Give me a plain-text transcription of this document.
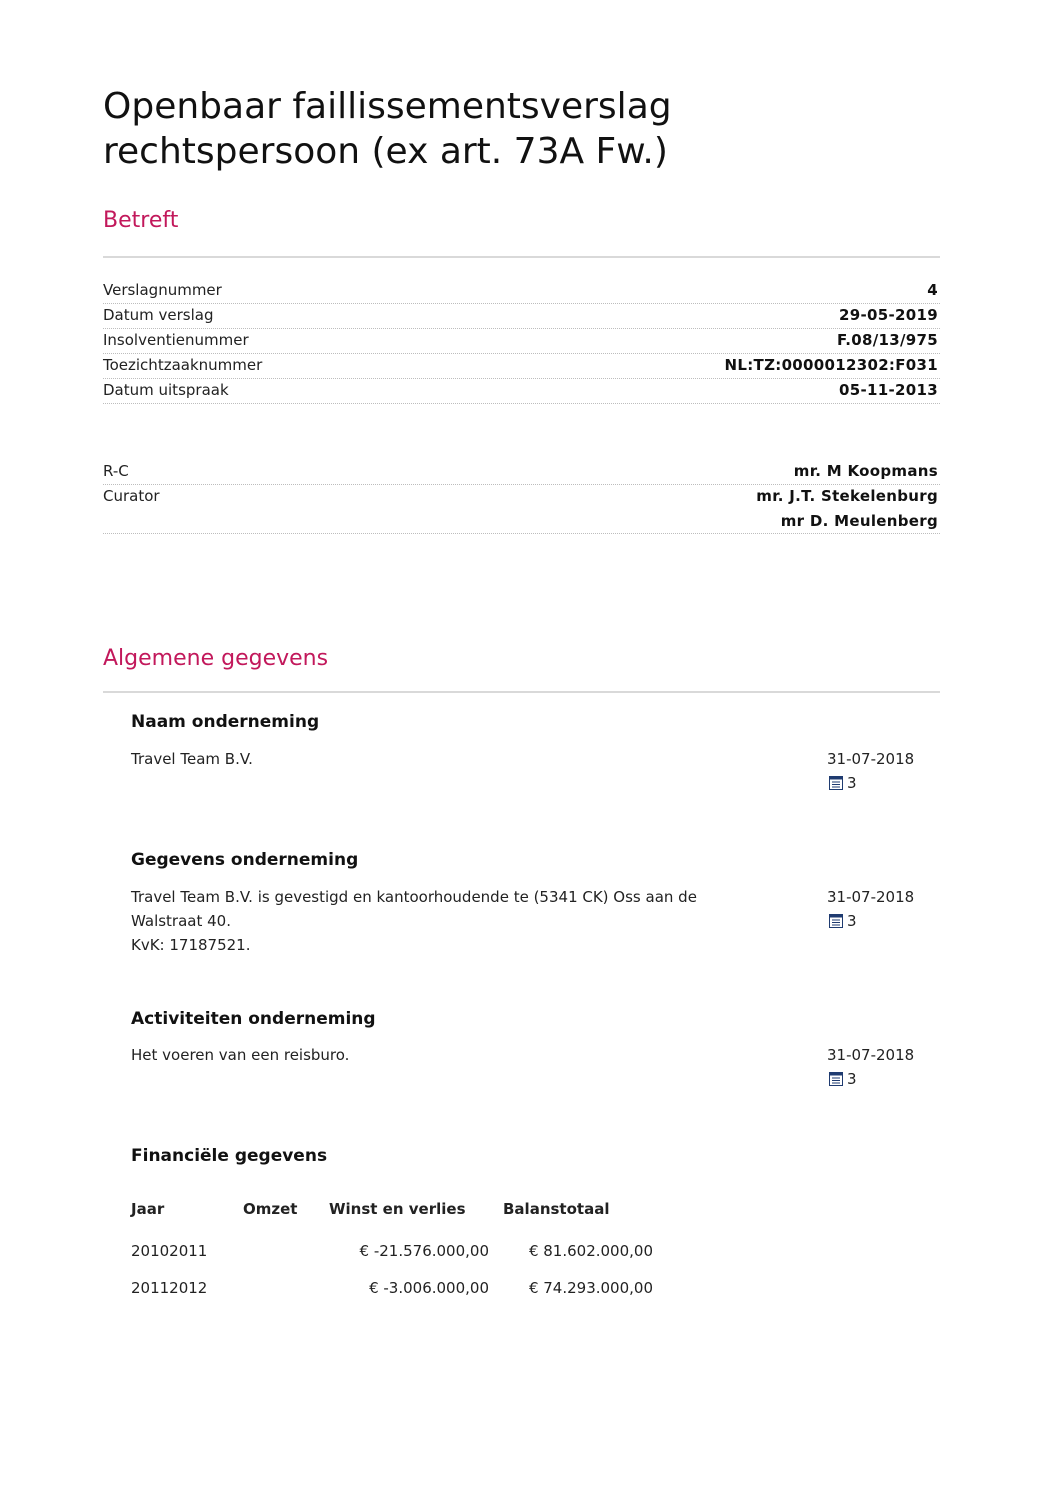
Openbaar faillissementsverslag
rechtspersoon (ex art. 73A Fw.)
Betreft
Verslagnummer	4
Datum verslag	29-05-2019
Insolventienummer	F.08/13/975
Toezichtzaaknummer	NL:TZ:0000012302:F031
Datum uitspraak	05-11-2013
R-C	mr. M Koopmans
Curator	mr. J.T. Stekelenburg
mr D. Meulenberg
Algemene gegevens
Naam onderneming
Travel Team B.V.	31-07-2018
3
Gegevens onderneming
Travel Team B.V. is gevestigd en kantoorhoudende te (5341 CK) Oss aan de
Walstraat 40.
KvK: 17187521.
31-07-2018
3
Activiteiten onderneming
Het voeren van een reisburo.	31-07-2018
3
Financiële gegevens
Jaar	Omzet	Winst en verlies	Balanstotaal
20102011		€ -21.576.000,00	€ 81.602.000,00
20112012		€ -3.006.000,00	€ 74.293.000,00
